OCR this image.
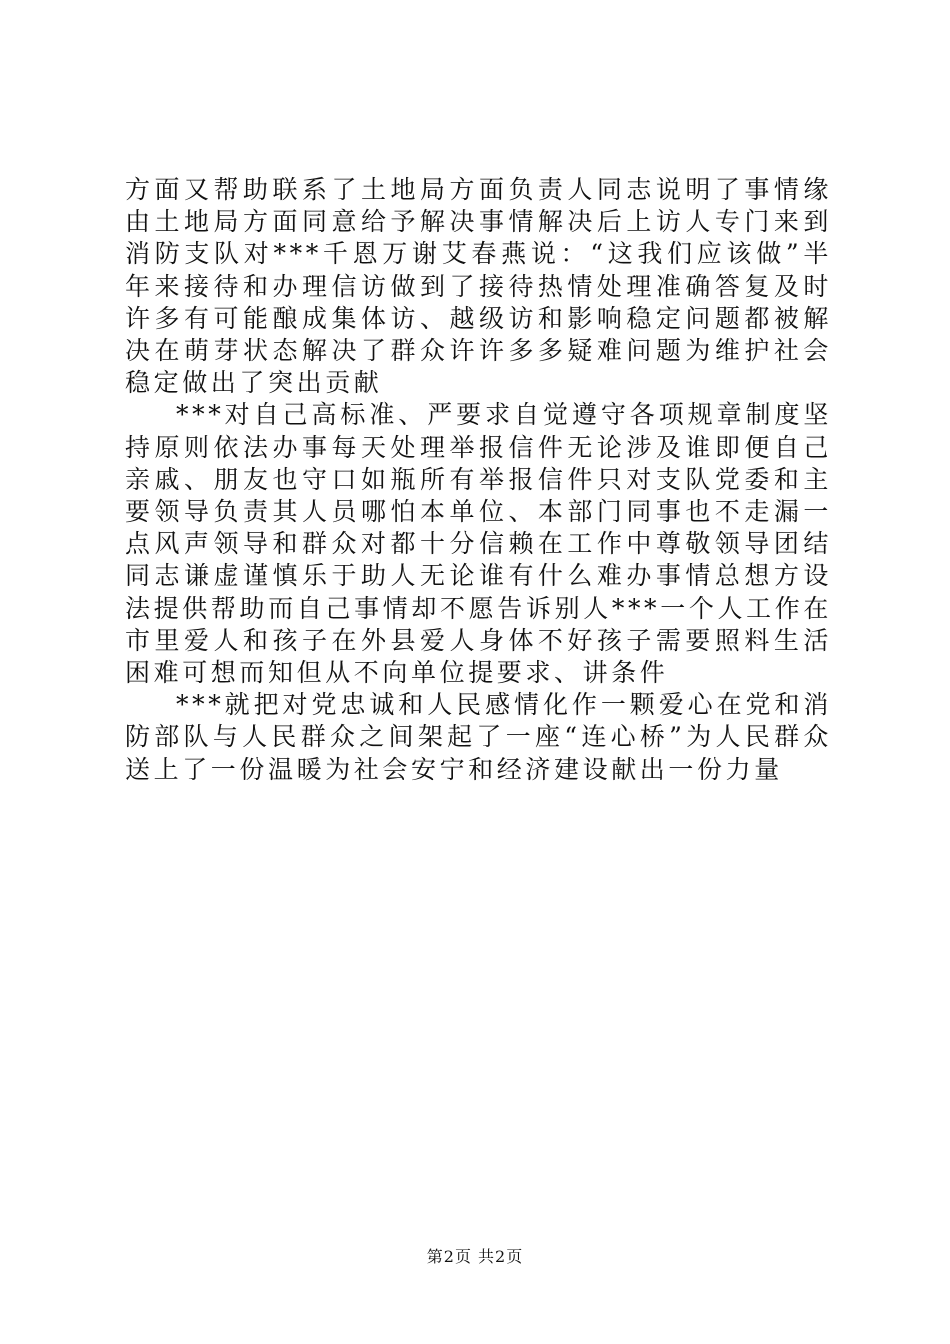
方面又帮助联系了土地局方面负责人同志说明了事情缘由土地局方面同意给予解决事情解决后上访人专门来到消防支队对***千恩万谢艾春燕说：“这我们应该做”半年来接待和办理信访做到了接待热情处理准确答复及时许多有可能酿成集体访、越级访和影响稳定问题都被解决在萌芽状态解决了群众许许多多疑难问题为维护社会稳定做出了突出贡献

***对自己高标准、严要求自觉遵守各项规章制度坚持原则依法办事每天处理举报信件无论涉及谁即便自己亲戚、朋友也守口如瓶所有举报信件只对支队党委和主要领导负责其人员哪怕本单位、本部门同事也不走漏一点风声领导和群众对都十分信赖在工作中尊敬领导团结同志谦虚谨慎乐于助人无论谁有什么难办事情总想方设法提供帮助而自己事情却不愿告诉别人***一个人工作在市里爱人和孩子在外县爱人身体不好孩子需要照料生活困难可想而知但从不向单位提要求、讲条件

***就把对党忠诚和人民感情化作一颗爱心在党和消防部队与人民群众之间架起了一座“连心桥”为人民群众送上了一份温暖为社会安宁和经济建设献出一份力量

第2页 共2页
